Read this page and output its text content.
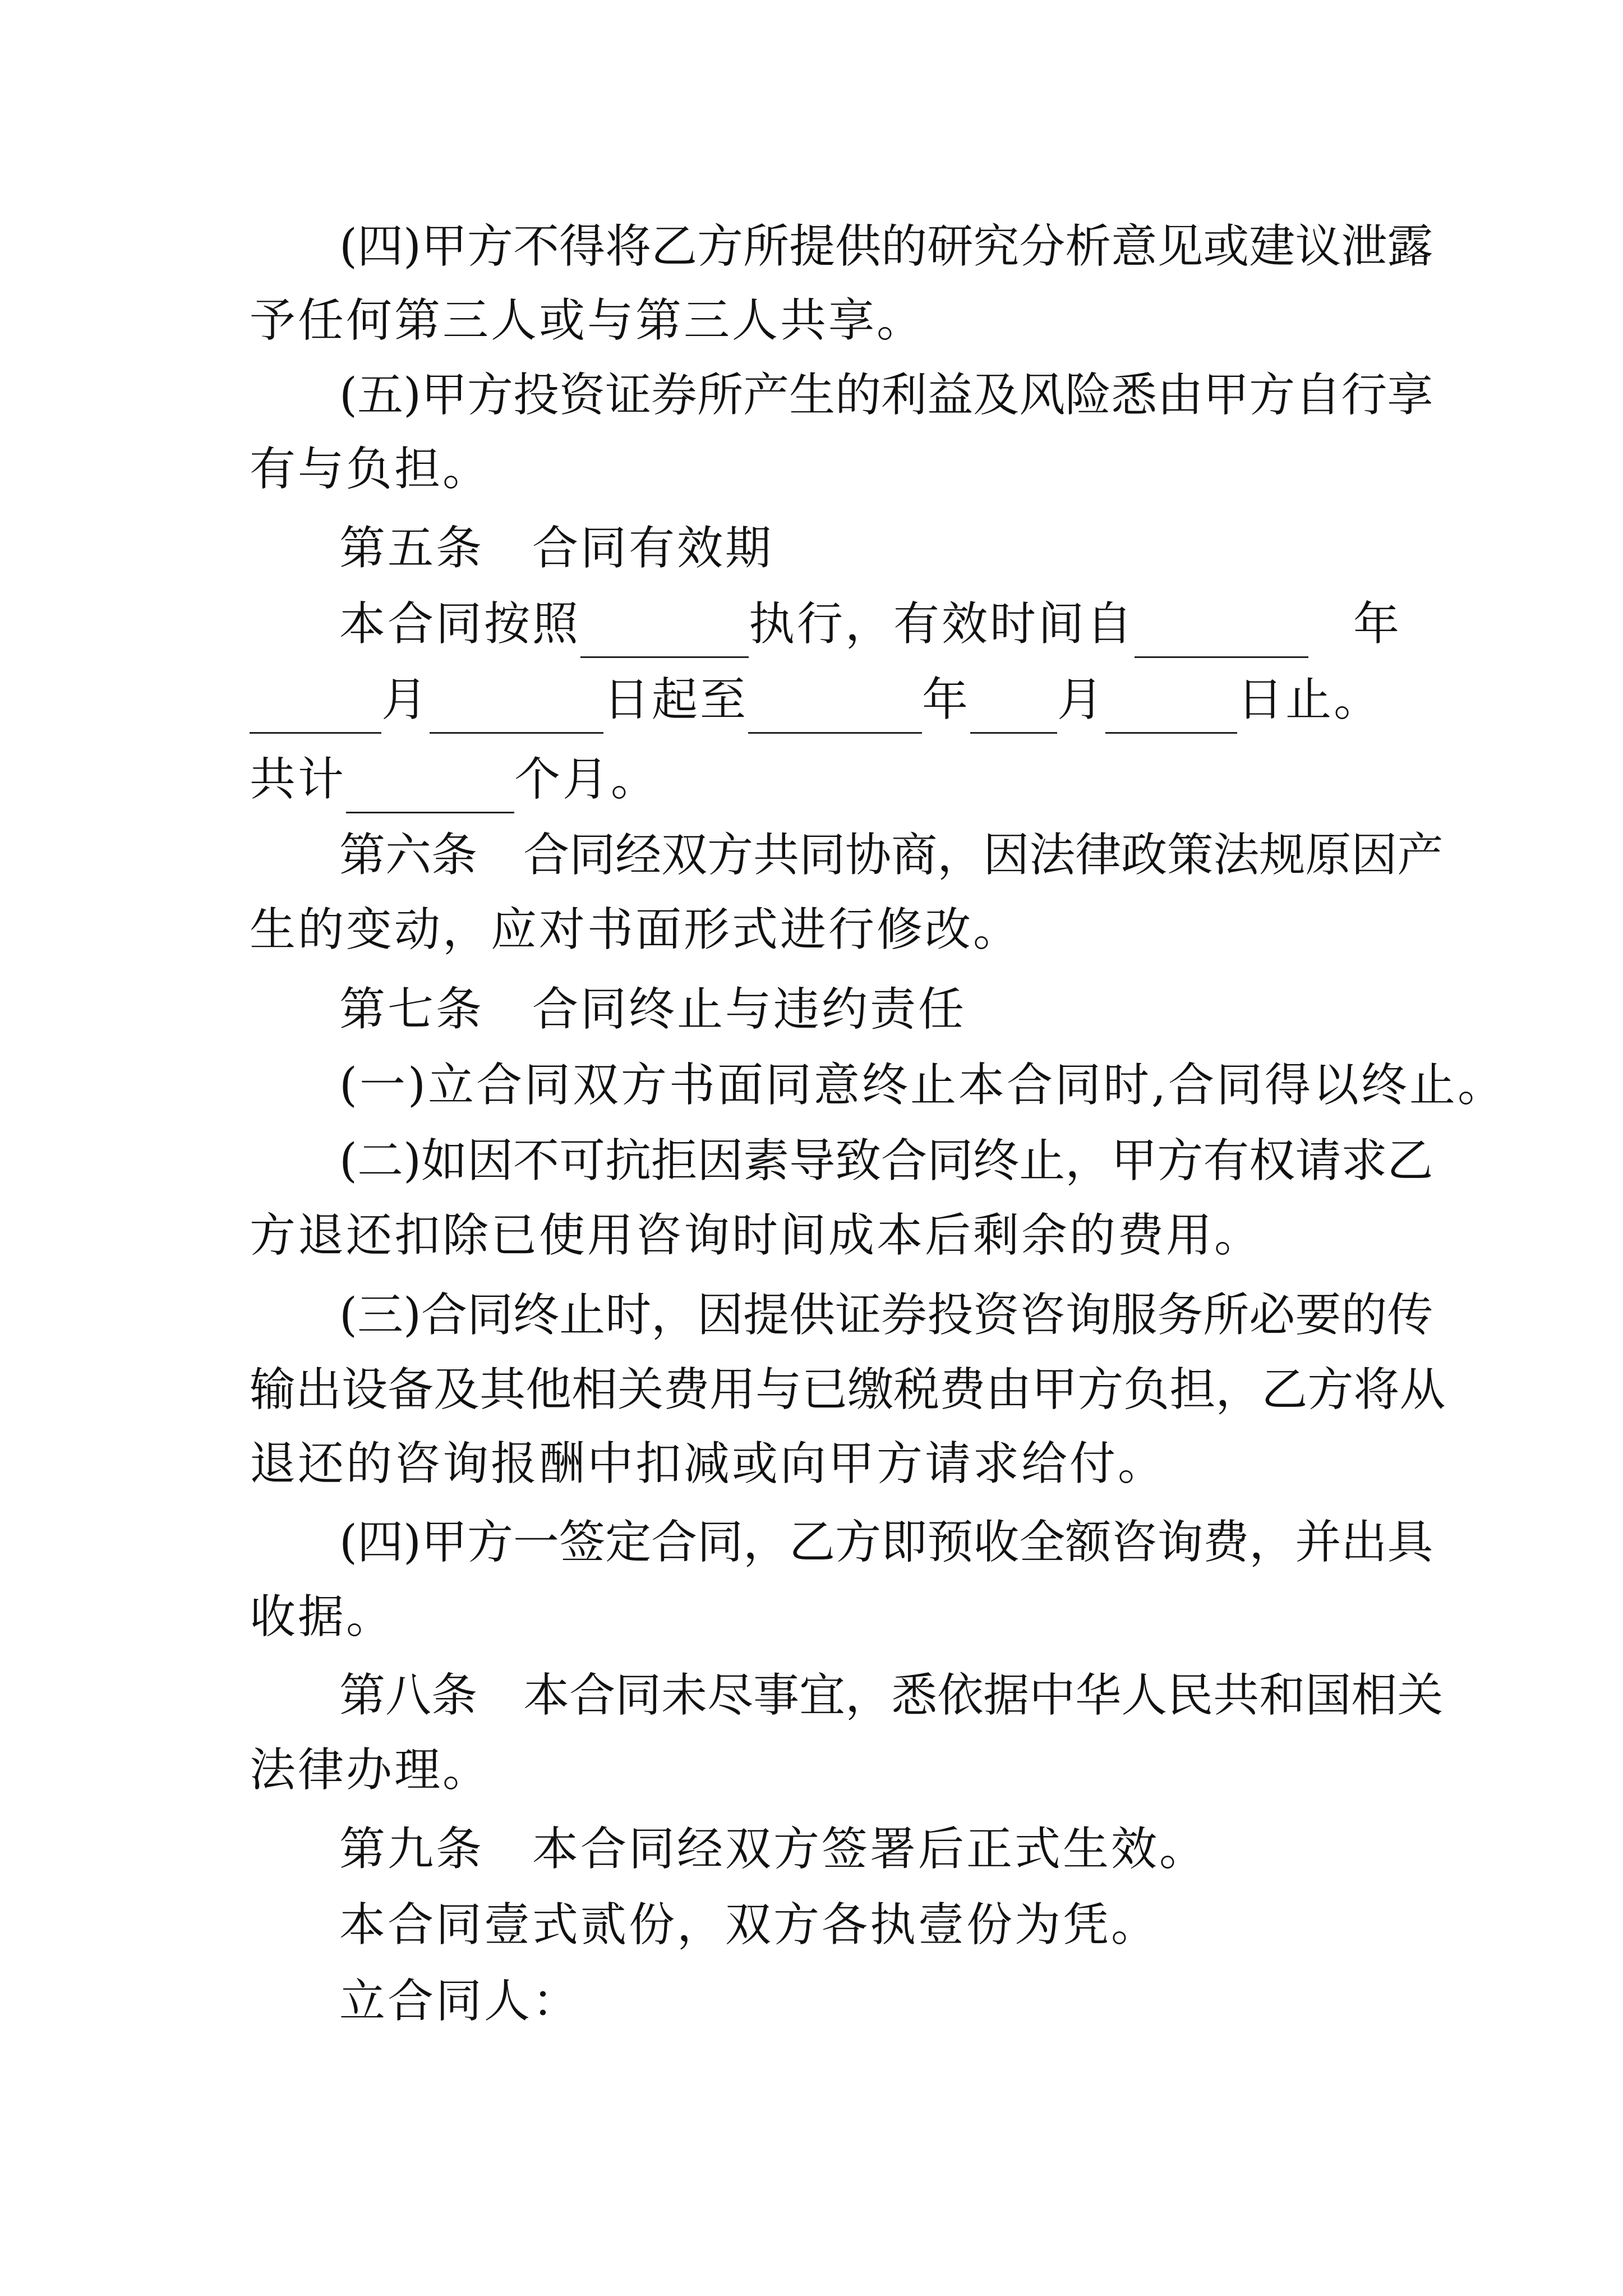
( 四 ) 甲 方 不 得 将 乙 方 所 提 供 的 研 究 分 析 意 见 或 建 议 泄 露
予任何第三人或与第三人共享。
( 五 ) 甲 方 投 资 证 券 所 产 生 的 利 益 及 风 险 悉 由 甲 方 自 行 享
有与负担。
第五条　合同有效期
本合同按照	执行，有效时间自	年
月	日起至	年 月	日止。
共计	个月。
第 六 条
　 合 同 经 双 方 共 同 协 商 ， 因 法 律 政 策 法 规 原 因 产
生的变动，应对书面形式进行修改。
第七条　合同终止与违约责任
(一)立合同双方书面同意终止本合同时,合同得以终止。
( 二 ) 如 因 不 可 抗 拒 因 素 导 致 合 同 终 止 ， 甲 方 有 权 请 求 乙
方退还扣除已使用咨询时间成本后剩余的费用。
( 三 ) 合 同 终 止 时 ， 因 提 供 证 券 投 资 咨 询 服 务 所 必 要 的 传
输 出 设 备 及 其 他 相 关 费 用 与 已 缴 税 费 由 甲 方 负 担 ， 乙 方 将 从
退还的咨询报酬中扣减或向甲方请求给付。
( 四 ) 甲 方 一 签 定 合 同 ， 乙 方 即 预 收 全 额 咨 询 费 ， 并 出 具
收据。
第 八 条
　 本 合 同 未 尽 事 宜 ， 悉 依 据 中 华 人 民 共 和 国 相 关
法律办理。
第九条　本合同经双方签署后正式生效。
本合同壹式贰份，双方各执壹份为凭。
立合同人：
